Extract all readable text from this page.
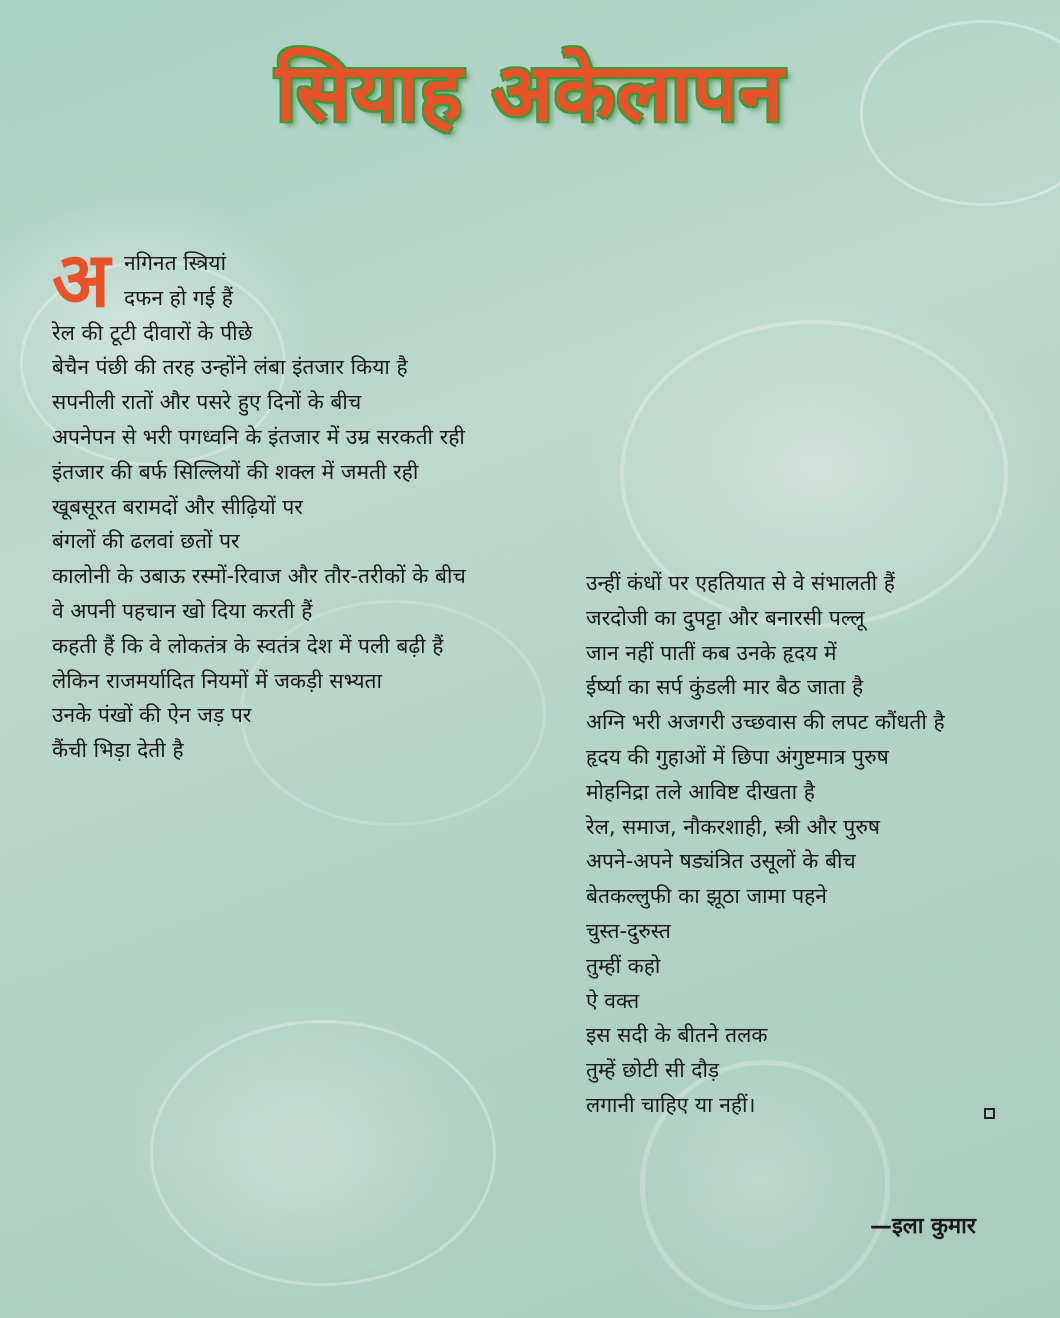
सियाह अकेलापन
अ नगिनत स्त्रियां
दफन हो गई हैं
रेल की टूटी दीवारों के पीछे
बेचैन पंछी की तरह उन्होंने लंबा इंतजार किया है
सपनीली रातों और पसरे हुए दिनों के बीच
अपनेपन से भरी पगध्वनि के इंतजार में उम्र सरकती रही
इंतजार की बर्फ सिल्लियों की शक्ल में जमती रही
खूबसूरत बरामदों और सीढ़ियों पर
बंगलों की ढलवां छतों पर
कालोनी के उबाऊ रस्मों-रिवाज और तौर-तरीकों के बीच
वे अपनी पहचान खो दिया करती हैं
कहती हैं कि वे लोकतंत्र के स्वतंत्र देश में पली बढ़ी हैं
लेकिन राजमर्यादित नियमों में जकड़ी सभ्यता
उनके पंखों की ऐन जड़ पर
कैंची भिड़ा देती है
उन्हीं कंधों पर एहतियात से वे संभालती हैं
जरदोजी का दुपट्टा और बनारसी पल्लू
जान नहीं पातीं कब उनके हृदय में
ईर्ष्या का सर्प कुंडली मार बैठ जाता है
अग्नि भरी अजगरी उच्छवास की लपट कौंधती है
हृदय की गुहाओं में छिपा अंगुष्टमात्र पुरुष
मोहनिद्रा तले आविष्ट दीखता है
रेल, समाज, नौकरशाही, स्त्री और पुरुष
अपने-अपने षड्यंत्रित उसूलों के बीच
बेतकल्लुफी का झूठा जामा पहने
चुस्त-दुरुस्त
तुम्हीं कहो
ऐ वक्त
इस सदी के बीतने तलक
तुम्हें छोटी सी दौड़
लगानी चाहिए या नहीं।
—इला कुमार
